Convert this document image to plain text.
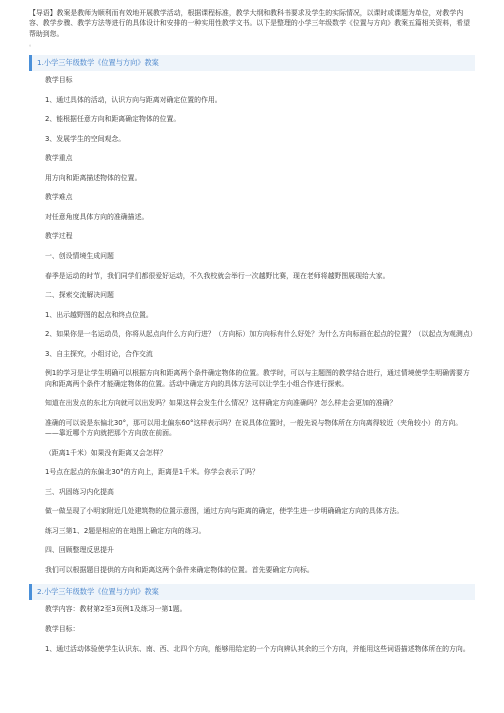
【导语】教案是教师为顺利而有效地开展教学活动，根据课程标准，教学大纲和教科书要求及学生的实际情况，以课时或课题为单位，对教学内容、教学步骤、教学方法等进行的具体设计和安排的一种实用性教学文书。以下是整理的小学三年级数学《位置与方向》教案五篇相关资料，希望帮助到您。
。
1.小学三年级数学《位置与方向》教案

教学目标

1、通过具体的活动，认识方向与距离对确定位置的作用。

2、能根据任意方向和距离确定物体的位置。

3、发展学生的空间观念。

教学重点

用方向和距离描述物体的位置。

教学难点

对任意角度具体方向的准确描述。

教学过程

一、创设情境生成问题

春季是运动的时节，我们同学们都很爱好运动，不久我校就会举行一次越野比赛，现在老师将越野图展现给大家。

二、探索交流解决问题

1、出示越野图的起点和终点位置。

2、如果你是一名运动员，你将从起点向什么方向行进？（方向标）加方向标有什么好处？为什么方向标画在起点的位置？（以起点为观测点）

3、自主探究，小组讨论，合作交流

例1的学习是让学生明确可以根据方向和距离两个条件确定物体的位置。教学时，可以与主题图的教学结合进行，通过情境使学生明确需要方向和距离两个条件才能确定物体的位置。活动中确定方向的具体方法可以让学生小组合作进行探索。

知道在出发点的东北方向就可以出发吗？如果这样会发生什么情况？这样确定方向准确吗？怎么样走会更加的准确？

准确的可以说是东偏北30°，那可以用北偏东60°这样表示吗？在说具体位置时，一般先说与物体所在方向离得较近（夹角较小）的方向。——靠近哪个方向就把那个方向放在前面。

（距离1千米）如果没有距离又会怎样？

1号点在起点的东偏北30°的方向上，距离是1千米。你学会表示了吗？

三、巩固练习内化提高

做一做呈现了小明家附近几处建筑物的位置示意图，通过方向与距离的确定，使学生进一步明确确定方向的具体方法。

练习三第1、2题是相应的在地图上确定方向的练习。

四、回顾整理反思提升

我们可以根据题目提供的方向和距离这两个条件来确定物体的位置。首先要确定方向标。

2.小学三年级数学《位置与方向》教案

教学内容：教材第2至3页例1及练习一第1题。

教学目标：

1、通过活动体验使学生认识东、南、西、北四个方向，能够用给定的一个方向辨认其余的三个方向，并能用这些词语描述物体所在的方向。
